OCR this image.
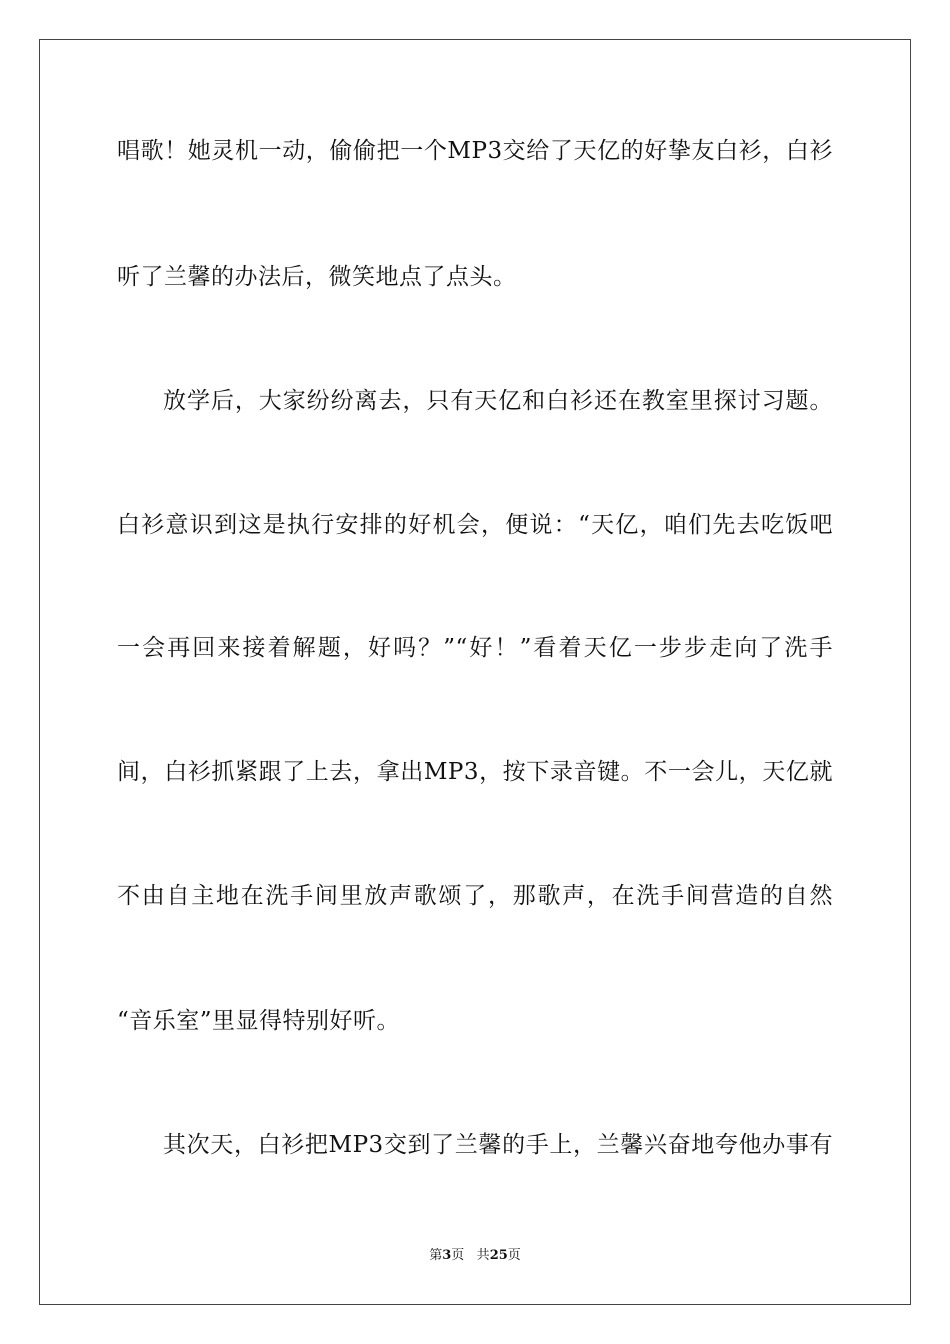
唱歌！她灵机一动，偷偷把一个MP3交给了天亿的好挚友白衫，白衫
听了兰馨的办法后，微笑地点了点头。
放学后，大家纷纷离去，只有天亿和白衫还在教室里探讨习题。
白衫意识到这是执行安排的好机会，便说：“天亿，咱们先去吃饭吧
一会再回来接着解题，好吗？”“好！”看着天亿一步步走向了洗手
间，白衫抓紧跟了上去，拿出MP3，按下录音键。不一会儿，天亿就
不由自主地在洗手间里放声歌颂了，那歌声，在洗手间营造的自然
“音乐室”里显得特别好听。
其次天，白衫把MP3交到了兰馨的手上，兰馨兴奋地夸他办事有
第3页 共25页
